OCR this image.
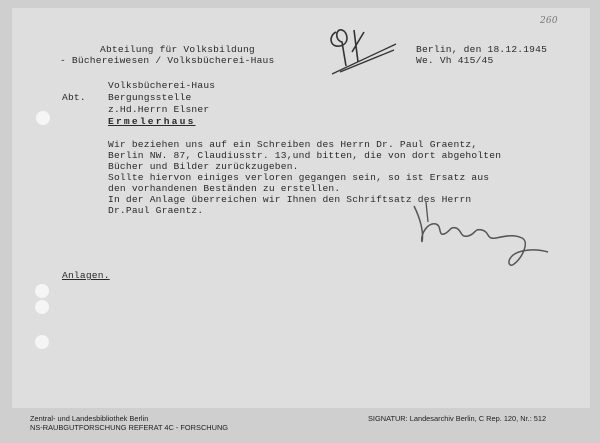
260
Abteilung für Volksbildung
- Büchereiwesen / Volksbücherei-Haus
Berlin, den 18.12.1945
We. Vh 415/45
Volksbücherei-Haus
Abt. Bergungsstelle
z.Hd.Herrn Elsner
Ermelerhaus
Wir beziehen uns auf ein Schreiben des Herrn Dr. Paul Graentz,
Berlin NW. 87, Claudiusstr. 13,und bitten, die von dort abgeholten
Bücher und Bilder zurückzugeben.
Sollte hiervon einiges verloren gegangen sein, so ist Ersatz aus
den vorhandenen Beständen zu erstellen.
In der Anlage überreichen wir Ihnen den Schriftsatz des Herrn
Dr.Paul Graentz.
Anlagen.
Zentral- und Landesbibliothek Berlin
NS-RAUBGUTFORSCHUNG REFERAT 4C - FORSCHUNG
SIGNATUR: Landesarchiv Berlin, C Rep. 120, Nr.: 512
